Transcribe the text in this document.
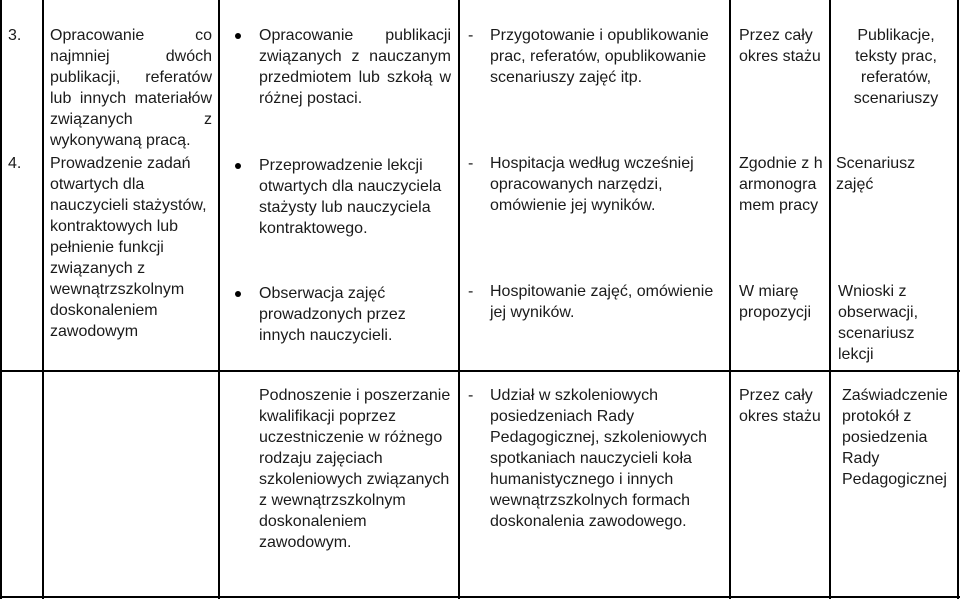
3. Opracowanie co najmniej dwóch publikacji, referatów lub innych materiałów związanych z wykonywaną pracą.
4. Prowadzenie zadań otwartych dla nauczycieli stażystów, kontraktowych lub pełnienie funkcji związanych z wewnątrzszkolnym doskonaleniem zawodowym
Opracowanie publikacji związanych z nauczanym przedmiotem lub szkołą w różnej postaci.
Przeprowadzenie lekcji otwartych dla nauczyciela stażysty lub nauczyciela kontraktowego.
Obserwacja zajęć prowadzonych przez innych nauczycieli.
- Przygotowanie i opublikowanie prac, referatów, opublikowanie scenariuszy zajęć itp.
- Hospitacja według wcześniej opracowanych narzędzi, omówienie jej wyników.
- Hospitowanie zajęć, omówienie jej wyników.
Przez cały okres stażu
Zgodnie z harmonogramem pracy
W miarę propozycji
Publikacje, teksty prac, referatów, scenariuszy
Scenariusz zajęć
Wnioski z obserwacji, scenariusz lekcji
Podnoszenie i poszerzanie kwalifikacji poprzez uczestniczenie w różnego rodzaju zajęciach szkoleniowych związanych z wewnątrzszkolnym doskonaleniem zawodowym.
- Udział w szkoleniowych posiedzeniach Rady Pedagogicznej, szkoleniowych spotkaniach nauczycieli koła humanistycznego i innych wewnątrzszkolnych formach doskonalenia zawodowego.
Przez cały okres stażu
Zaświadczenie protokół z posiedzenia Rady Pedagogicznej
